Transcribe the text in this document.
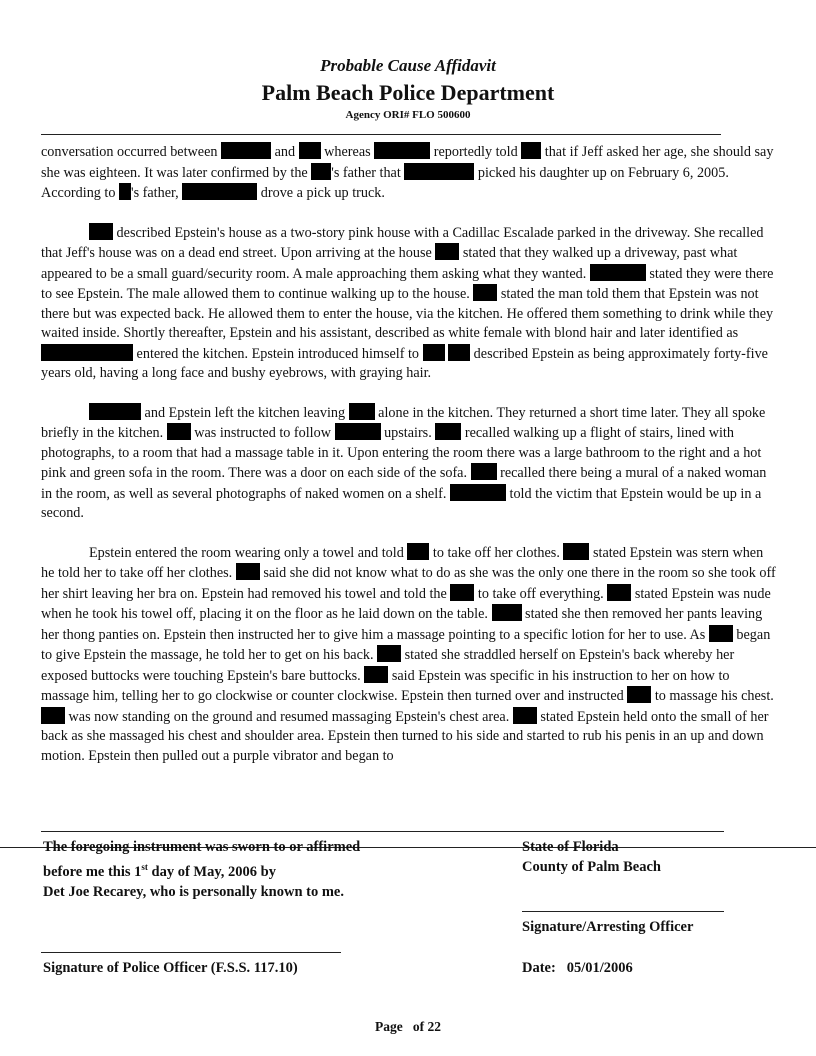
Probable Cause Affidavit
Palm Beach Police Department
Agency ORI# FLO 500600

conversation occurred between	and  whereas	reportedly told  that if Jeff asked her age, she should say she was eighteen. It was later confirmed by the 's father that	picked his daughter up on February 6, 2005. According to 's father,	drove a pick up truck.

described Epstein's house as a two-story pink house with a Cadillac Escalade parked in the driveway. She recalled that Jeff's house was on a dead end street. Upon arriving at the house  stated that they walked up a driveway, past what appeared to be a small guard/security room. A male approaching them asking what they wanted.	stated they were there to see Epstein. The male allowed them to continue walking up to the house.  stated the man told them that Epstein was not there but was expected back. He allowed them to enter the house, via the kitchen. He offered them something to drink while they waited inside. Shortly thereafter, Epstein and his assistant, described as white female with blond hair and later identified as  entered the kitchen. Epstein introduced himself to	described Epstein as being approximately forty-five years old, having a long face and bushy eyebrows, with graying hair.

and Epstein left the kitchen leaving  alone in the kitchen. They returned a short time later. They all spoke briefly in the kitchen.  was instructed to follow	upstairs.  recalled walking up a flight of stairs, lined with photographs, to a room that had a massage table in it. Upon entering the room there was a large bathroom to the right and a hot pink and green sofa in the room. There was a door on each side of the sofa.  recalled there being a mural of a naked woman in the room, as well as several photographs of naked women on a shelf.	told the victim that Epstein would be up in a second.

Epstein entered the room wearing only a towel and told  to take off her clothes.  stated Epstein was stern when he told her to take off her clothes.  said she did not know what to do as she was the only one there in the room so she took off her shirt leaving her bra on. Epstein had removed his towel and told the  to take off everything.  stated Epstein was nude when he took his towel off, placing it on the floor as he laid down on the table.  stated she then removed her pants leaving her thong panties on. Epstein then instructed her to give him a massage pointing to a specific lotion for her to use. As  began to give Epstein the massage, he told her to get on his back.  stated she straddled herself on Epstein's back whereby her exposed buttocks were touching Epstein's bare buttocks.  said Epstein was specific in his instruction to her on how to massage him, telling her to go clockwise or counter clockwise. Epstein then turned over and instructed  to massage his chest.  was now standing on the ground and resumed massaging Epstein's chest area.  stated Epstein held onto the small of her back as she massaged his chest and shoulder area. Epstein then turned to his side and started to rub his penis in an up and down motion. Epstein then pulled out a purple vibrator and began to

The foregoing instrument was sworn to or affirmed
before me this 1st day of May, 2006 by
Det Joe Recarey, who is personally known to me.
State of Florida
County of Palm Beach
Signature/Arresting Officer
Signature of Police Officer (F.S.S. 117.10)	Date: 05/01/2006
Page of 22
